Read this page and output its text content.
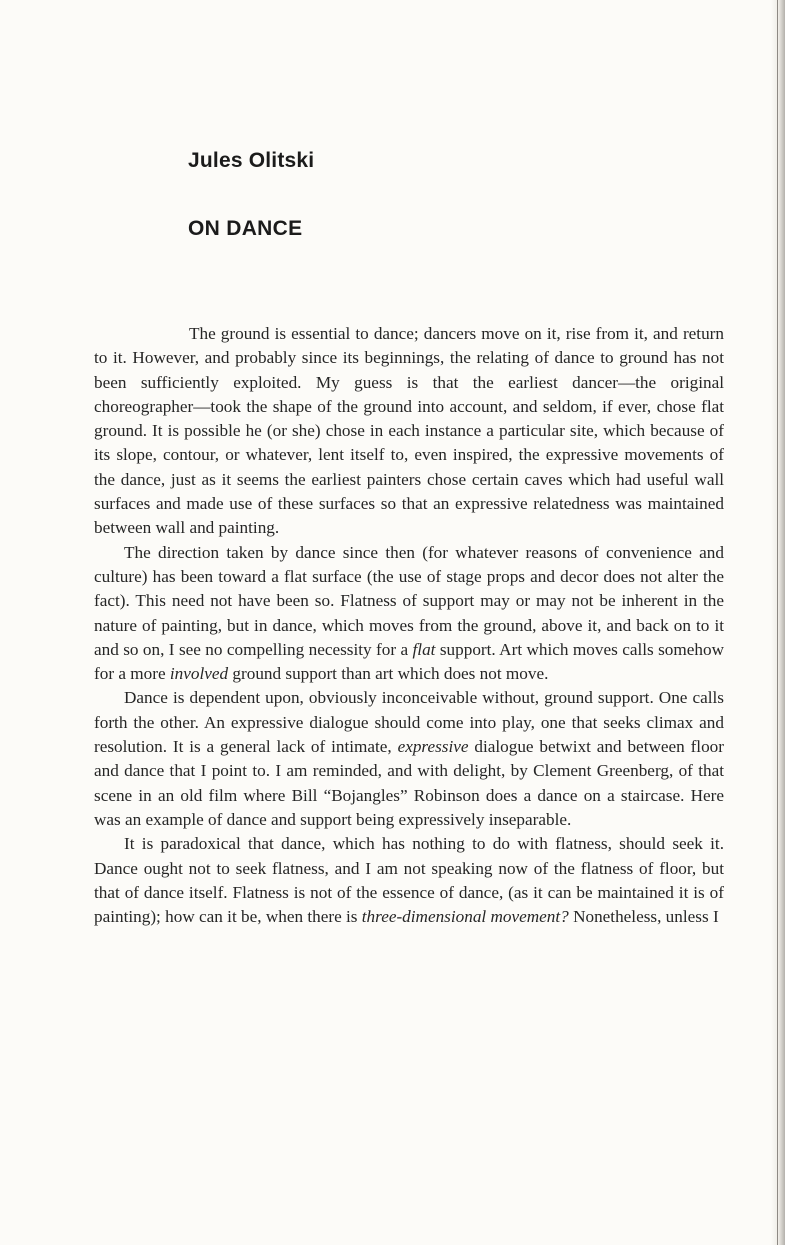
Jules Olitski
ON DANCE

The ground is essential to dance; dancers move on it, rise from it, and return to it. However, and probably since its beginnings, the relating of dance to ground has not been sufficiently exploited. My guess is that the earliest dancer—the original choreographer—took the shape of the ground into account, and seldom, if ever, chose flat ground. It is possible he (or she) chose in each instance a particular site, which because of its slope, contour, or whatever, lent itself to, even inspired, the expressive movements of the dance, just as it seems the earliest painters chose certain caves which had useful wall surfaces and made use of these surfaces so that an expressive relatedness was maintained between wall and painting.

The direction taken by dance since then (for whatever reasons of convenience and culture) has been toward a flat surface (the use of stage props and decor does not alter the fact). This need not have been so. Flatness of support may or may not be inherent in the nature of painting, but in dance, which moves from the ground, above it, and back on to it and so on, I see no compelling necessity for a flat support. Art which moves calls somehow for a more involved ground support than art which does not move.

Dance is dependent upon, obviously inconceivable without, ground support. One calls forth the other. An expressive dialogue should come into play, one that seeks climax and resolution. It is a general lack of intimate, expressive dialogue betwixt and between floor and dance that I point to. I am reminded, and with delight, by Clement Greenberg, of that scene in an old film where Bill “Bojangles” Robinson does a dance on a staircase. Here was an example of dance and support being expressively inseparable.

It is paradoxical that dance, which has nothing to do with flatness, should seek it. Dance ought not to seek flatness, and I am not speaking now of the flatness of floor, but that of dance itself. Flatness is not of the essence of dance, (as it can be maintained it is of painting); how can it be, when there is three-dimensional movement? Nonetheless, unless I
